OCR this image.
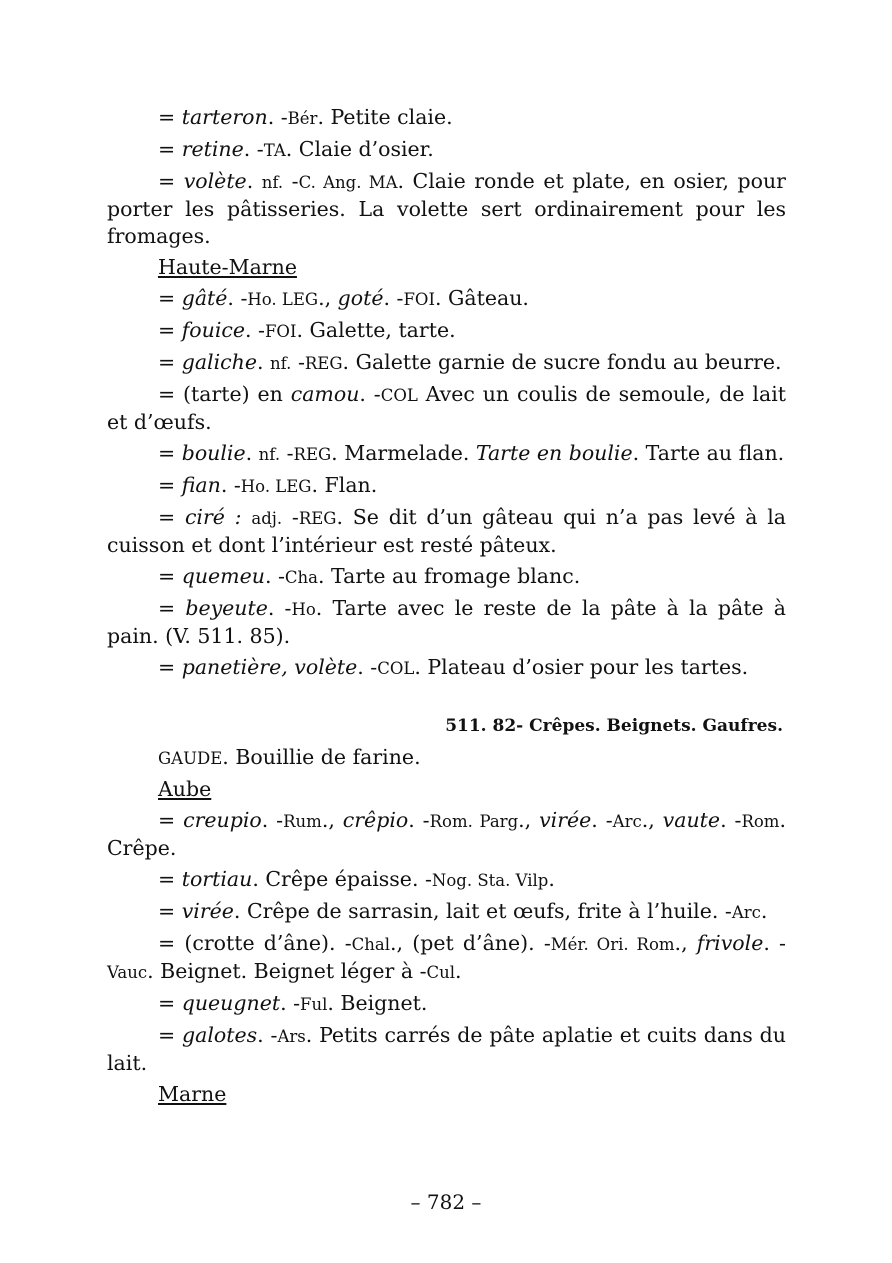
= tarteron. -Bér. Petite claie.

= retine. -TA. Claie d’osier.

= volète. nf. -C. Ang. MA. Claie ronde et plate, en osier, pour porter les pâtisseries. La volette sert ordinairement pour les fromages.

Haute-Marne

= gâté. -Ho. LEG., goté. -FOI. Gâteau.

= fouice. -FOI. Galette, tarte.

= galiche. nf. -REG. Galette garnie de sucre fondu au beurre.

= (tarte) en camou. -COL Avec un coulis de semoule, de lait et d’œufs.

= boulie. nf. -REG. Marmelade. Tarte en boulie. Tarte au flan.

= fian. -Ho. LEG. Flan.

= ciré : adj. -REG. Se dit d’un gâteau qui n’a pas levé à la cuisson et dont l’intérieur est resté pâteux.

= quemeu. -Cha. Tarte au fromage blanc.

= beyeute. -Ho. Tarte avec le reste de la pâte à la pâte à pain. (V. 511. 85).

= panetière, volète. -COL. Plateau d’osier pour les tartes.

511. 82- Crêpes. Beignets. Gaufres.

GAUDE. Bouillie de farine.

Aube

= creupio. -Rum., crêpio. -Rom. Parg., virée. -Arc., vaute. -Rom. Crêpe.

= tortiau. Crêpe épaisse. -Nog. Sta. Vilp.

= virée. Crêpe de sarrasin, lait et œufs, frite à l’huile. -Arc.

= (crotte d’âne). -Chal., (pet d’âne). -Mér. Ori. Rom., frivole. -Vauc. Beignet. Beignet léger à -Cul.

= queugnet. -Ful. Beignet.

= galotes. -Ars. Petits carrés de pâte aplatie et cuits dans du lait.

Marne
– 782 –
